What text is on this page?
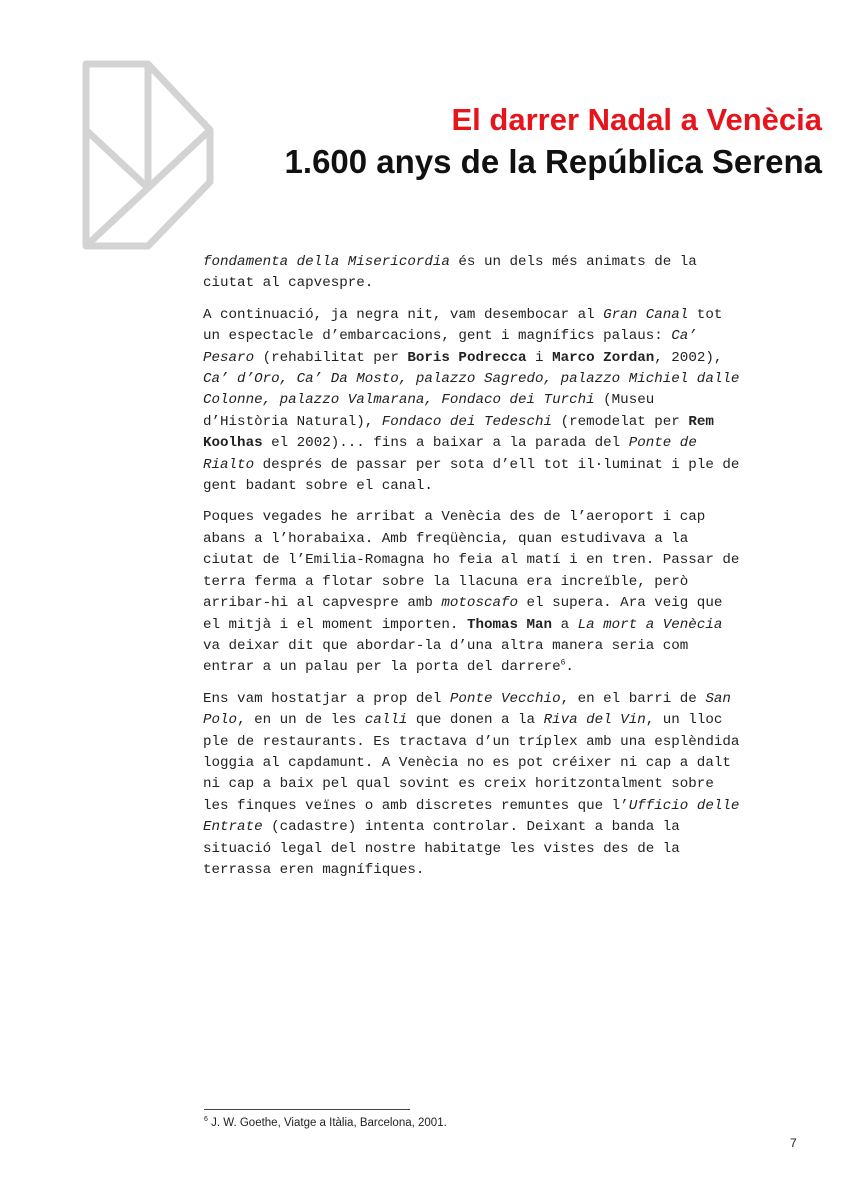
El darrer Nadal a Venècia
1.600 anys de la República Serena

fondamenta della Misericordia és un dels més animats de la
ciutat al capvespre.

A continuació, ja negra nit, vam desembocar al Gran Canal tot
un espectacle d’embarcacions, gent i magnífics palaus: Ca’
Pesaro (rehabilitat per Boris Podrecca i Marco Zordan, 2002),
Ca’ d’Oro, Ca’ Da Mosto, palazzo Sagredo, palazzo Michiel dalle
Colonne, palazzo Valmarana, Fondaco dei Turchi (Museu
d’Història Natural), Fondaco dei Tedeschi (remodelat per Rem
Koolhas el 2002)... fins a baixar a la parada del Ponte de
Rialto després de passar per sota d’ell tot il·luminat i ple de
gent badant sobre el canal.

Poques vegades he arribat a Venècia des de l’aeroport i cap
abans a l’horabaixa. Amb freqüència, quan estudivava a la
ciutat de l’Emilia-Romagna ho feia al matí i en tren. Passar de
terra ferma a flotar sobre la llacuna era increïble, però
arribar-hi al capvespre amb motoscafo el supera. Ara veig que
el mitjà i el moment importen. Thomas Man a La mort a Venècia
va deixar dit que abordar-la d’una altra manera seria com
entrar a un palau per la porta del darrere$^6$.

Ens vam hostatjar a prop del Ponte Vecchio, en el barri de San
Polo, en un de les calli que donen a la Riva del Vin, un lloc
ple de restaurants. Es tractava d’un tríplex amb una esplèndida
loggia al capdamunt. A Venècia no es pot créixer ni cap a dalt
ni cap a baix pel qual sovint es creix horitzontalment sobre
les finques veïnes o amb discretes remuntes que l’Ufficio delle
Entrate (cadastre) intenta controlar. Deixant a banda la
situació legal del nostre habitatge les vistes des de la
terrassa eren magnífiques.

$^6$ J. W. Goethe, Viatge a Itàlia, Barcelona, 2001.
7
